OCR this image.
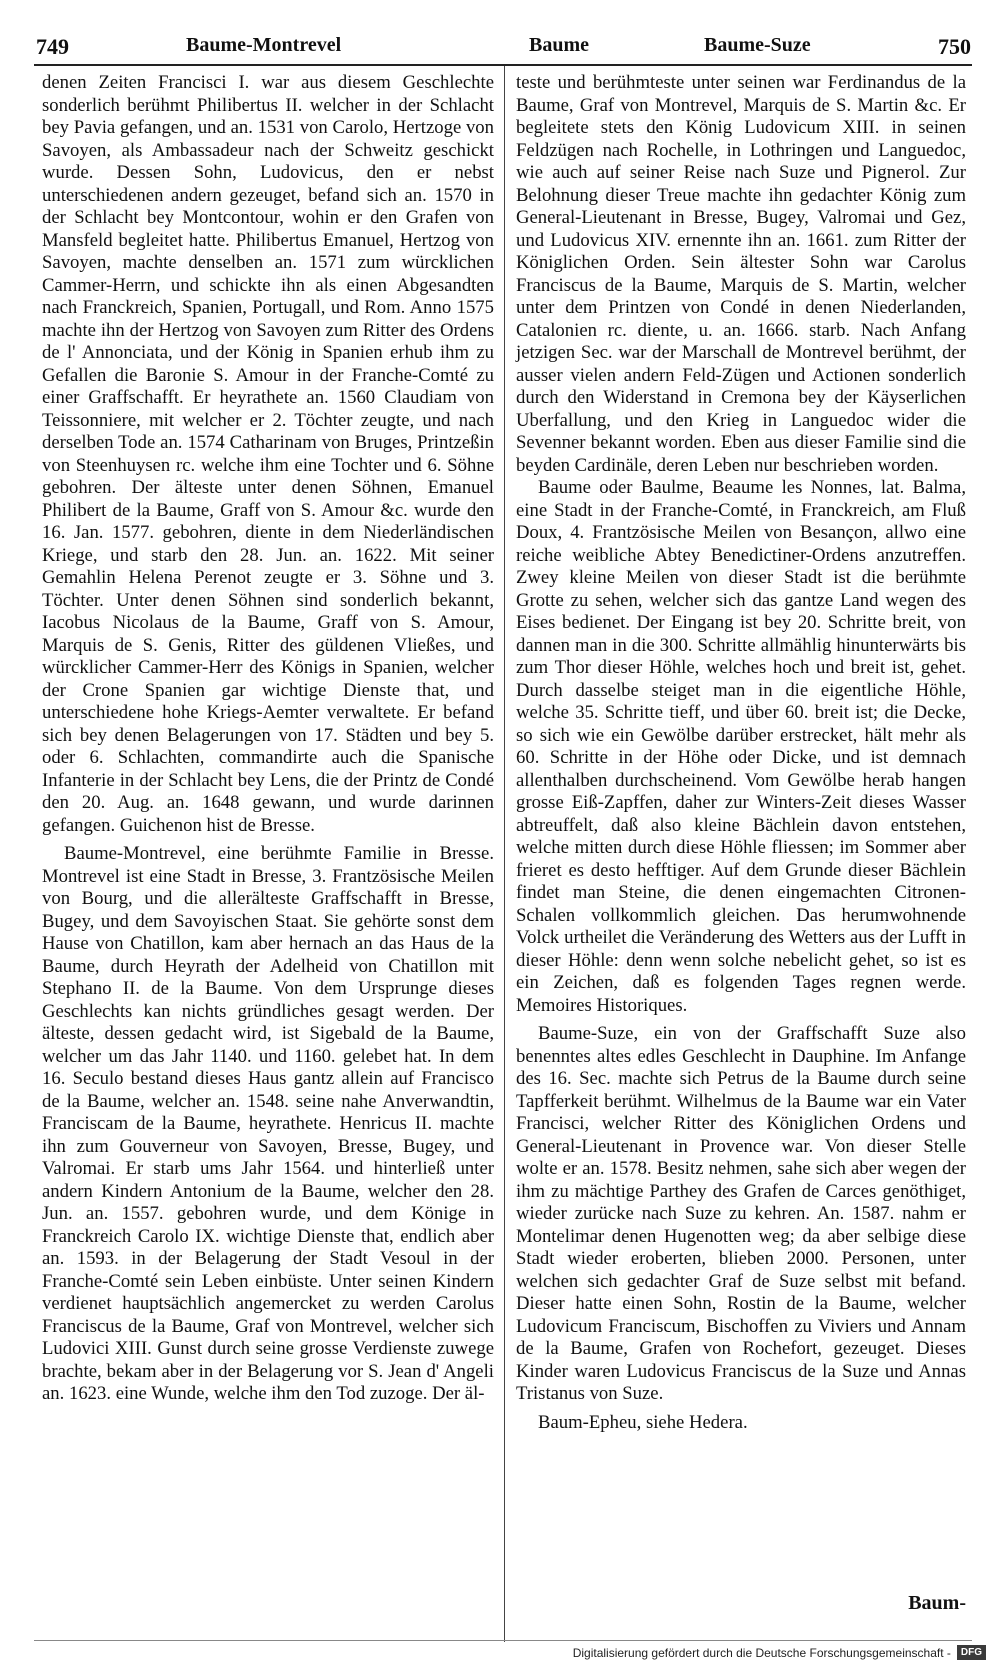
749	Baume-Montrevel	Baume	Baume-Suze	750

denen Zeiten Francisci I. war aus diesem Geschlechte sonderlich berühmt Philibertus II. welcher in der Schlacht bey Pavia gefangen, und an. 1531 von Carolo, Hertzoge von Savoyen, als Ambassadeur nach der Schweitz geschickt wurde. Dessen Sohn, Ludovicus, den er nebst unterschiedenen andern gezeuget, befand sich an. 1570 in der Schlacht bey Montcontour, wohin er den Grafen von Mansfeld begleitet hatte. Philibertus Emanuel, Hertzog von Savoyen, machte denselben an. 1571 zum würcklichen Cammer-Herrn, und schickte ihn als einen Abgesandten nach Franckreich, Spanien, Portugall, und Rom. Anno 1575 machte ihn der Hertzog von Savoyen zum Ritter des Ordens de l' Annonciata, und der König in Spanien erhub ihm zu Gefallen die Baronie S. Amour in der Franche-Comté zu einer Graffschafft. Er heyrathete an. 1560 Claudiam von Teissonniere, mit welcher er 2. Töchter zeugte, und nach derselben Tode an. 1574 Catharinam von Bruges, Printzeßin von Steenhuysen rc. welche ihm eine Tochter und 6. Söhne gebohren. Der älteste unter denen Söhnen, Emanuel Philibert de la Baume, Graff von S. Amour &c. wurde den 16. Jan. 1577. gebohren, diente in dem Niederländischen Kriege, und starb den 28. Jun. an. 1622. Mit seiner Gemahlin Helena Perenot zeugte er 3. Söhne und 3. Töchter. Unter denen Söhnen sind sonderlich bekannt, Iacobus Nicolaus de la Baume, Graff von S. Amour, Marquis de S. Genis, Ritter des güldenen Vließes, und würcklicher Cammer-Herr des Königs in Spanien, welcher der Crone Spanien gar wichtige Dienste that, und unterschiedene hohe Kriegs-Aemter verwaltete. Er befand sich bey denen Belagerungen von 17. Städten und bey 5. oder 6. Schlachten, commandirte auch die Spanische Infanterie in der Schlacht bey Lens, die der Printz de Condé den 20. Aug. an. 1648 gewann, und wurde darinnen gefangen. Guichenon hist de Bresse.

Baume-Montrevel, eine berühmte Familie in Bresse. Montrevel ist eine Stadt in Bresse, 3. Frantzösische Meilen von Bourg, und die allerälteste Graffschafft in Bresse, Bugey, und dem Savoyischen Staat. Sie gehörte sonst dem Hause von Chatillon, kam aber hernach an das Haus de la Baume, durch Heyrath der Adelheid von Chatillon mit Stephano II. de la Baume. Von dem Ursprunge dieses Geschlechts kan nichts gründliches gesagt werden. Der älteste, dessen gedacht wird, ist Sigebald de la Baume, welcher um das Jahr 1140. und 1160. gelebet hat. In dem 16. Seculo bestand dieses Haus gantz allein auf Francisco de la Baume, welcher an. 1548. seine nahe Anverwandtin, Franciscam de la Baume, heyrathete. Henricus II. machte ihn zum Gouverneur von Savoyen, Bresse, Bugey, und Valromai. Er starb ums Jahr 1564. und hinterließ unter andern Kindern Antonium de la Baume, welcher den 28. Jun. an. 1557. gebohren wurde, und dem Könige in Franckreich Carolo IX. wichtige Dienste that, endlich aber an. 1593. in der Belagerung der Stadt Vesoul in der Franche-Comté sein Leben einbüste. Unter seinen Kindern verdienet hauptsächlich angemercket zu werden Carolus Franciscus de la Baume, Graf von Montrevel, welcher sich Ludovici XIII. Gunst durch seine grosse Verdienste zuwege brachte, bekam aber in der Belagerung vor S. Jean d' Angeli an. 1623. eine Wunde, welche ihm den Tod zuzoge. Der äl-

teste und berühmteste unter seinen war Ferdinandus de la Baume, Graf von Montrevel, Marquis de S. Martin &c. Er begleitete stets den König Ludovicum XIII. in seinen Feldzügen nach Rochelle, in Lothringen und Languedoc, wie auch auf seiner Reise nach Suze und Pignerol. Zur Belohnung dieser Treue machte ihn gedachter König zum General-Lieutenant in Bresse, Bugey, Valromai und Gez, und Ludovicus XIV. ernennte ihn an. 1661. zum Ritter der Königlichen Orden. Sein ältester Sohn war Carolus Franciscus de la Baume, Marquis de S. Martin, welcher unter dem Printzen von Condé in denen Niederlanden, Catalonien rc. diente, u. an. 1666. starb. Nach Anfang jetzigen Sec. war der Marschall de Montrevel berühmt, der ausser vielen andern Feld-Zügen und Actionen sonderlich durch den Widerstand in Cremona bey der Käyserlichen Uberfallung, und den Krieg in Languedoc wider die Sevenner bekannt worden. Eben aus dieser Familie sind die beyden Cardinäle, deren Leben nur beschrieben worden.

Baume oder Baulme, Beaume les Nonnes, lat. Balma, eine Stadt in der Franche-Comté, in Franckreich, am Fluß Doux, 4. Frantzösische Meilen von Besançon, allwo eine reiche weibliche Abtey Benedictiner-Ordens anzutreffen. Zwey kleine Meilen von dieser Stadt ist die berühmte Grotte zu sehen, welcher sich das gantze Land wegen des Eises bedienet. Der Eingang ist bey 20. Schritte breit, von dannen man in die 300. Schritte allmählig hinunterwärts bis zum Thor dieser Höhle, welches hoch und breit ist, gehet. Durch dasselbe steiget man in die eigentliche Höhle, welche 35. Schritte tieff, und über 60. breit ist; die Decke, so sich wie ein Gewölbe darüber erstrecket, hält mehr als 60. Schritte in der Höhe oder Dicke, und ist demnach allenthalben durchscheinend. Vom Gewölbe herab hangen grosse Eiß-Zapffen, daher zur Winters-Zeit dieses Wasser abtreuffelt, daß also kleine Bächlein davon entstehen, welche mitten durch diese Höhle fliessen; im Sommer aber frieret es desto hefftiger. Auf dem Grunde dieser Bächlein findet man Steine, die denen eingemachten Citronen-Schalen vollkommlich gleichen. Das herumwohnende Volck urtheilet die Veränderung des Wetters aus der Lufft in dieser Höhle: denn wenn solche nebelicht gehet, so ist es ein Zeichen, daß es folgenden Tages regnen werde. Memoires Historiques.

Baume-Suze, ein von der Graffschafft Suze also benenntes altes edles Geschlecht in Dauphine. Im Anfange des 16. Sec. machte sich Petrus de la Baume durch seine Tapfferkeit berühmt. Wilhelmus de la Baume war ein Vater Francisci, welcher Ritter des Königlichen Ordens und General-Lieutenant in Provence war. Von dieser Stelle wolte er an. 1578. Besitz nehmen, sahe sich aber wegen der ihm zu mächtige Parthey des Grafen de Carces genöthiget, wieder zurücke nach Suze zu kehren. An. 1587. nahm er Montelimar denen Hugenotten weg; da aber selbige diese Stadt wieder eroberten, blieben 2000. Personen, unter welchen sich gedachter Graf de Suze selbst mit befand. Dieser hatte einen Sohn, Rostin de la Baume, welcher Ludovicum Franciscum, Bischoffen zu Viviers und Annam de la Baume, Grafen von Rochefort, gezeuget. Dieses Kinder waren Ludovicus Franciscus de la Suze und Annas Tristanus von Suze.

Baum-Epheu, siehe Hedera.

Baum-
Digitalisierung gefördert durch die Deutsche Forschungsgemeinschaft -	DFG
